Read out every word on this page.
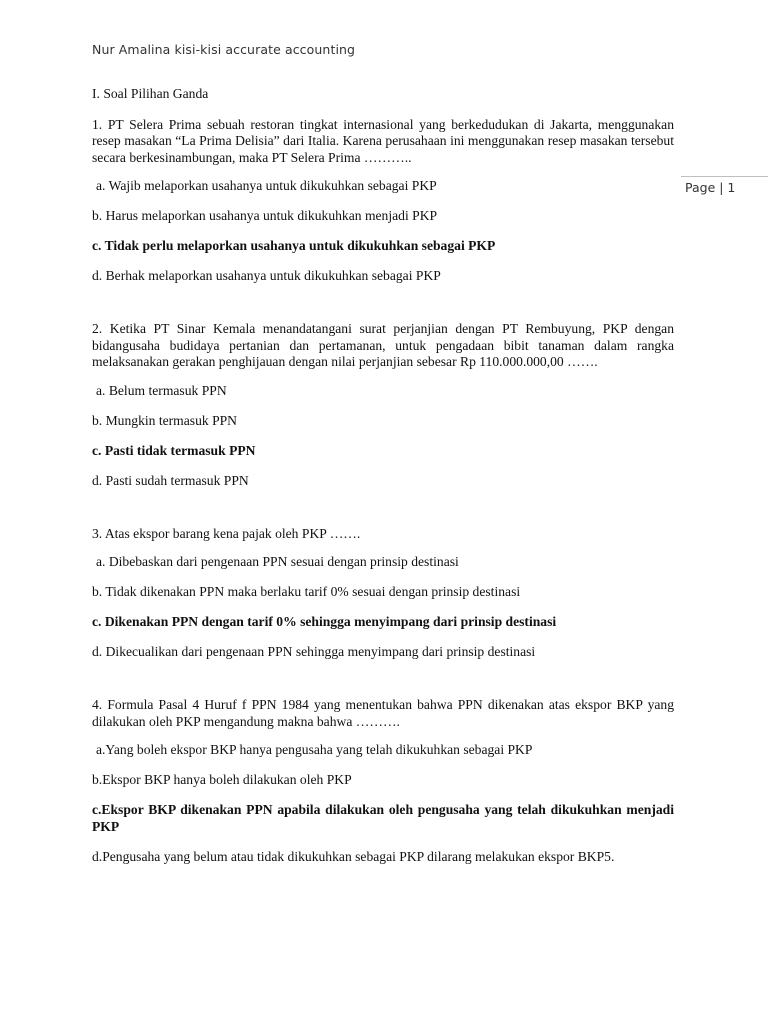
Nur Amalina kisi-kisi accurate accounting
Page | 1

I. Soal Pilihan Ganda

1. PT Selera Prima sebuah restoran tingkat internasional yang berkedudukan di Jakarta, menggunakan resep masakan “La Prima Delisia” dari Italia. Karena perusahaan ini menggunakan resep masakan tersebut secara berkesinambungan, maka PT Selera Prima ………..

a. Wajib melaporkan usahanya untuk dikukuhkan sebagai PKP

b. Harus melaporkan usahanya untuk dikukuhkan menjadi PKP

c. Tidak perlu melaporkan usahanya untuk dikukuhkan sebagai PKP

d. Berhak melaporkan usahanya untuk dikukuhkan sebagai PKP

2. Ketika PT Sinar Kemala menandatangani surat perjanjian dengan PT Rembuyung, PKP dengan bidangusaha budidaya pertanian dan pertamanan, untuk pengadaan bibit tanaman dalam rangka melaksanakan gerakan penghijauan dengan nilai perjanjian sebesar Rp 110.000.000,00 …….

a. Belum termasuk PPN

b. Mungkin termasuk PPN

c. Pasti tidak termasuk PPN

d. Pasti sudah termasuk PPN

3. Atas ekspor barang kena pajak oleh PKP …….

a. Dibebaskan dari pengenaan PPN sesuai dengan prinsip destinasi

b. Tidak dikenakan PPN maka berlaku tarif 0% sesuai dengan prinsip destinasi

c. Dikenakan PPN dengan tarif 0% sehingga menyimpang dari prinsip destinasi

d. Dikecualikan dari pengenaan PPN sehingga menyimpang dari prinsip destinasi

4. Formula Pasal 4 Huruf f PPN 1984 yang menentukan bahwa PPN dikenakan atas ekspor BKP yang dilakukan oleh PKP mengandung makna bahwa ……….

a.Yang boleh ekspor BKP hanya pengusaha yang telah dikukuhkan sebagai PKP

b.Ekspor BKP hanya boleh dilakukan oleh PKP

c.Ekspor BKP dikenakan PPN apabila dilakukan oleh pengusaha yang telah dikukuhkan menjadi PKP

d.Pengusaha yang belum atau tidak dikukuhkan sebagai PKP dilarang melakukan ekspor BKP5.
